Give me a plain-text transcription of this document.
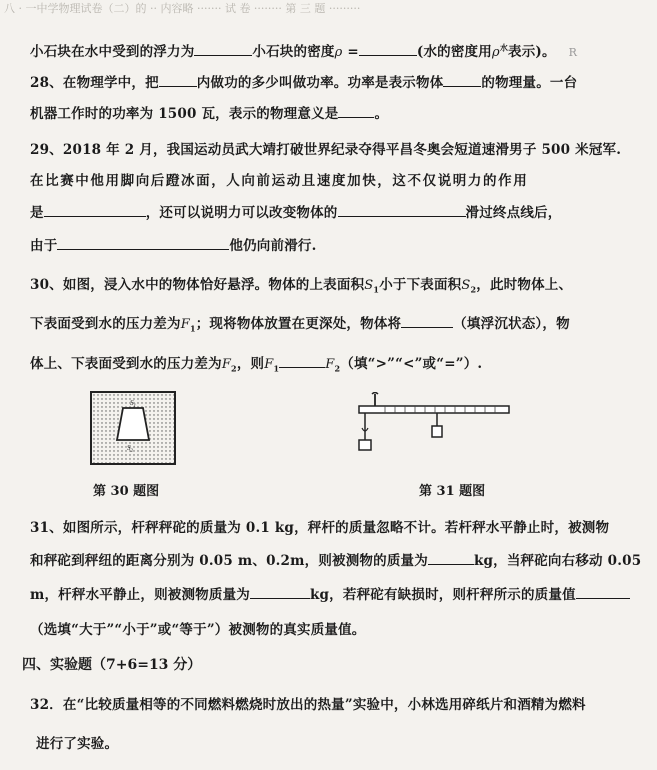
八 · 一中学物理试卷（二）的 ·· 内容略 ······· 试 卷 ········ 第 三 题 ·········
小石块在水中受到的浮力为	小石块的密度ρ =	(水的密度用$\rho^水$表示)。 R
28、在物理学中，把	内做功的多少叫做功率。功率是表示物体	的物理量。一台
机器工作时的功率为 1500 瓦，表示的物理意义是	。
29、2018 年 2 月，我国运动员武大靖打破世界纪录夺得平昌冬奥会短道速滑男子 500 米冠军.
在比赛中他用脚向后蹬冰面，人向前运动且速度加快，这不仅说明力的作用
是	，还可以说明力可以改变物体的	滑过终点线后，
由于	他仍向前滑行.
30、如图，浸入水中的物体恰好悬浮。物体的上表面积$S_1$小于下表面积$S_2$，此时物体上、
下表面受到水的压力差为$F_1$；现将物体放置在更深处，物体将	（填浮沉状态），物
体上、下表面受到水的压力差为$F_2$，则$F_1$	$F_2$（填“>”“<”或“=”）.
$S_1$
$S_2$
第 30 题图	第 31 题图
31、如图所示，杆秤秤砣的质量为 0.1 kg，秤杆的质量忽略不计。若杆秤水平静止时，被测物
和秤砣到秤纽的距离分别为 0.05 m、0.2m，则被测物的质量为	kg，当秤砣向右移动 0.05
m，杆秤水平静止，则被测物质量为	kg，若秤砣有缺损时，则杆秤所示的质量值
（选填“大于”“小于”或“等于”）被测物的真实质量值。
四、实验题（7+6=13 分）
32．在“比较质量相等的不同燃料燃烧时放出的热量”实验中，小林选用碎纸片和酒精为燃料
进行了实验。
